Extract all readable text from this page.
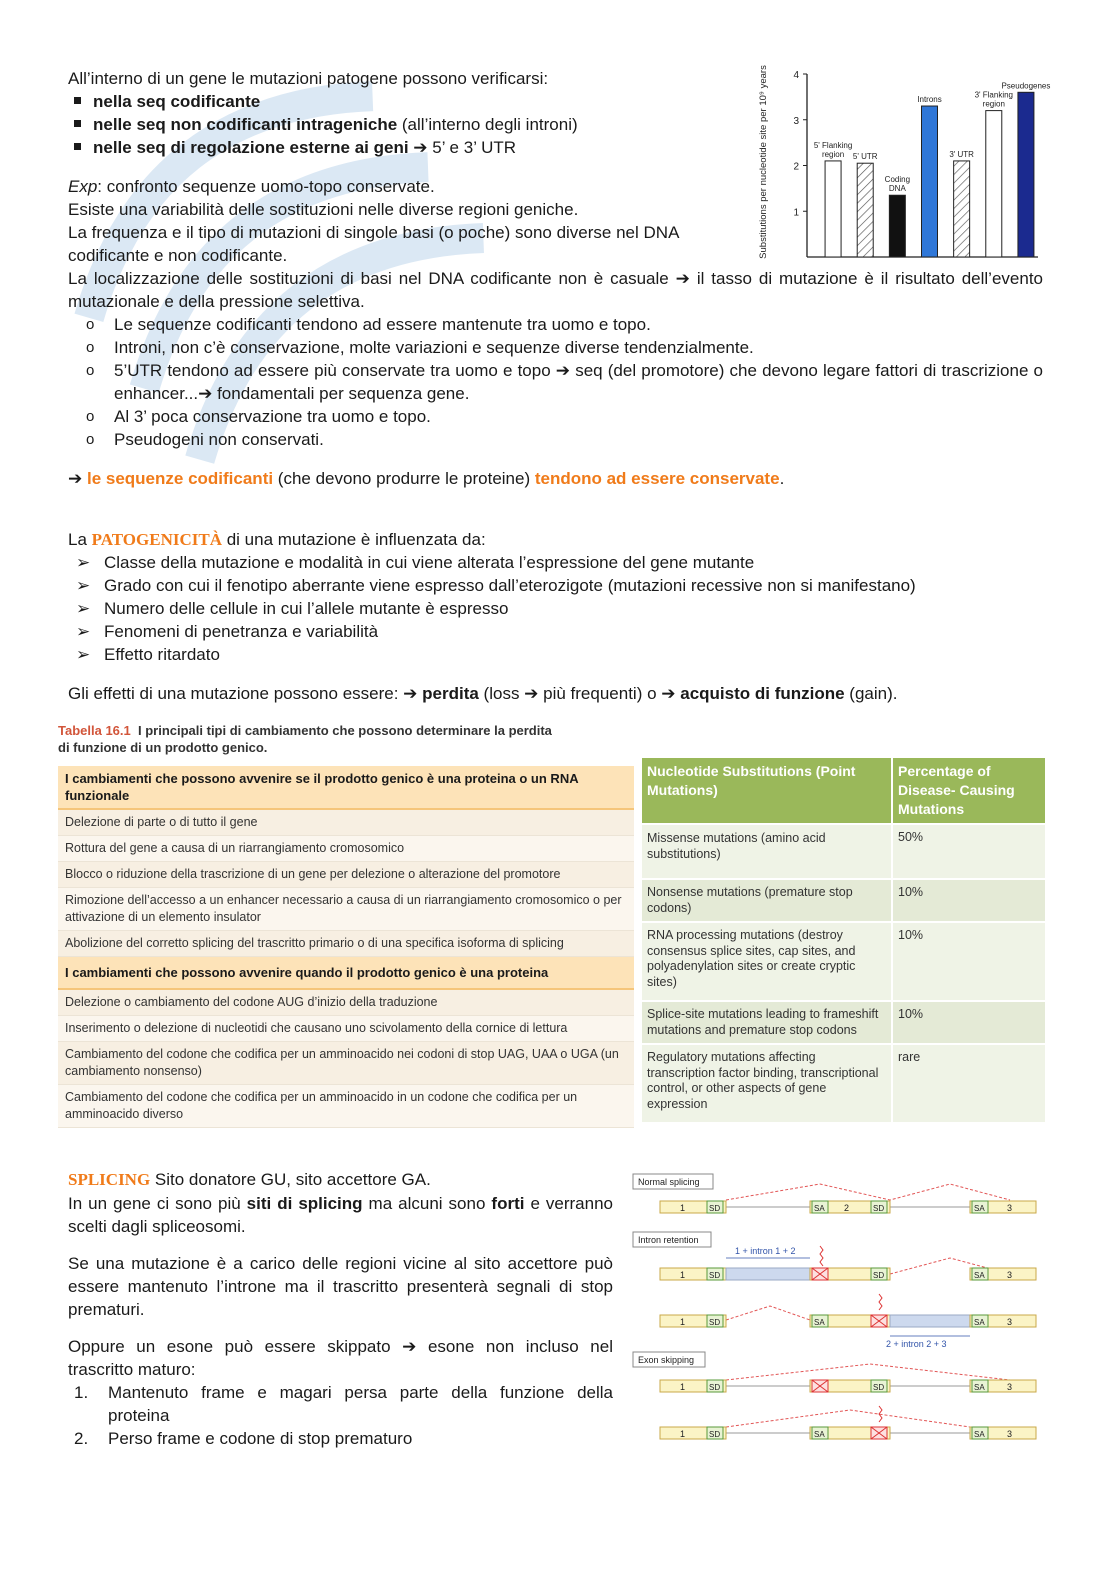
All’interno di un gene le mutazioni patogene possono verificarsi:

nella seq codificante

nelle seq non codificanti intrageniche (all’interno degli introni)

nelle seq di regolazione esterne ai geni ➔ 5’ e 3’ UTR

Exp: confronto sequenze uomo-topo conservate.

Esiste una variabilità delle sostituzioni nelle diverse regioni geniche.

La frequenza e il tipo di mutazioni di singole basi (o poche) sono diverse nel DNA

codificante e non codificante.

La localizzazione delle sostituzioni di basi nel DNA codificante non è casuale ➔ il tasso di mutazione è il risultato dell’evento mutazionale e della pressione selettiva.

o	Le sequenze codificanti tendono ad essere mantenute tra uomo e topo.
o	Introni, non c’è conservazione, molte variazioni e sequenze diverse tendenzialmente.
o	5’UTR tendono ad essere più conservate tra uomo e topo ➔ seq (del promotore) che devono legare fattori di trascrizione o enhancer...➔ fondamentali per sequenza gene.
o	Al 3’ poca conservazione tra uomo e topo.
o	Pseudogeni non conservati.

➔ le sequenze codificanti (che devono produrre le proteine) tendono ad essere conservate.

La PATOGENICITÀ di una mutazione è influenzata da:

➢ Classe della mutazione e modalità in cui viene alterata l’espressione del gene mutante

➢ Grado con cui il fenotipo aberrante viene espresso dall’eterozigote (mutazioni recessive non si manifestano)

➢ Numero delle cellule in cui l’allele mutante è espresso

➢ Fenomeni di penetranza e variabilità

➢ Effetto ritardato

Gli effetti di una mutazione possono essere: ➔ perdita (loss ➔ più frequenti) o ➔ acquisto di funzione (gain).

1
2
3
4
5' Flanking region	5' UTR
Coding DNA
Introns
3' UTR
3' Flanking region
Pseudogenes
Substitutions per nucleotide site per 10⁹ years
Tabella 16.1 I principali tipi di cambiamento che possono determinare la perdita
di funzione di un prodotto genico.
I cambiamenti che possono avvenire se il prodotto genico è una proteina o un RNA funzionale
Delezione di parte o di tutto il gene
Rottura del gene a causa di un riarrangiamento cromosomico
Blocco o riduzione della trascrizione di un gene per delezione o alterazione del promotore
Rimozione dell’accesso a un enhancer necessario a causa di un riarrangiamento cromosomico o per attivazione di un elemento insulator
Abolizione del corretto splicing del trascritto primario o di una specifica isoforma di splicing
I cambiamenti che possono avvenire quando il prodotto genico è una proteina
Delezione o cambiamento del codone AUG d’inizio della traduzione
Inserimento o delezione di nucleotidi che causano uno scivolamento della cornice di lettura
Cambiamento del codone che codifica per un amminoacido nei codoni di stop UAG, UAA o UGA (un cambiamento nonsenso)
Cambiamento del codone che codifica per un amminoacido in un codone che codifica per un amminoacido diverso
Nucleotide Substitutions (Point Mutations)	Percentage of Disease- Causing Mutations
Missense mutations (amino acid substitutions)	50%
Nonsense mutations (premature stop codons)	10%
RNA processing mutations (destroy consensus splice sites, cap sites, and polyadenylation sites or create cryptic sites)	10%
Splice-site mutations leading to frameshift mutations and premature stop codons	10%
Regulatory mutations affecting transcription factor binding, transcriptional control, or other aspects of gene expression	rare

SPLICING Sito donatore GU, sito accettore GA.

In un gene ci sono più siti di splicing ma alcuni sono forti e verranno scelti dagli spliceosomi.

Se una mutazione è a carico delle regioni vicine al sito accettore può essere mantenuto l’introne ma il trascritto presenterà segnali di stop prematuri.

Oppure un esone può essere skippato ➔ esone non incluso nel trascritto maturo:

1.	Mantenuto frame e magari persa parte della funzione della proteina
2.	Perso frame e codone di stop prematuro
Normal splicing
1	2	3
SD	SA	SD	SA
Intron retention
1 + intron 1 + 2
1	3
SD	SD	SA
1	3
SD	SA	SA
2 + intron 2 + 3
Exon skipping
1	3
SD	SD	SA
1	3
SD	SA	SA
